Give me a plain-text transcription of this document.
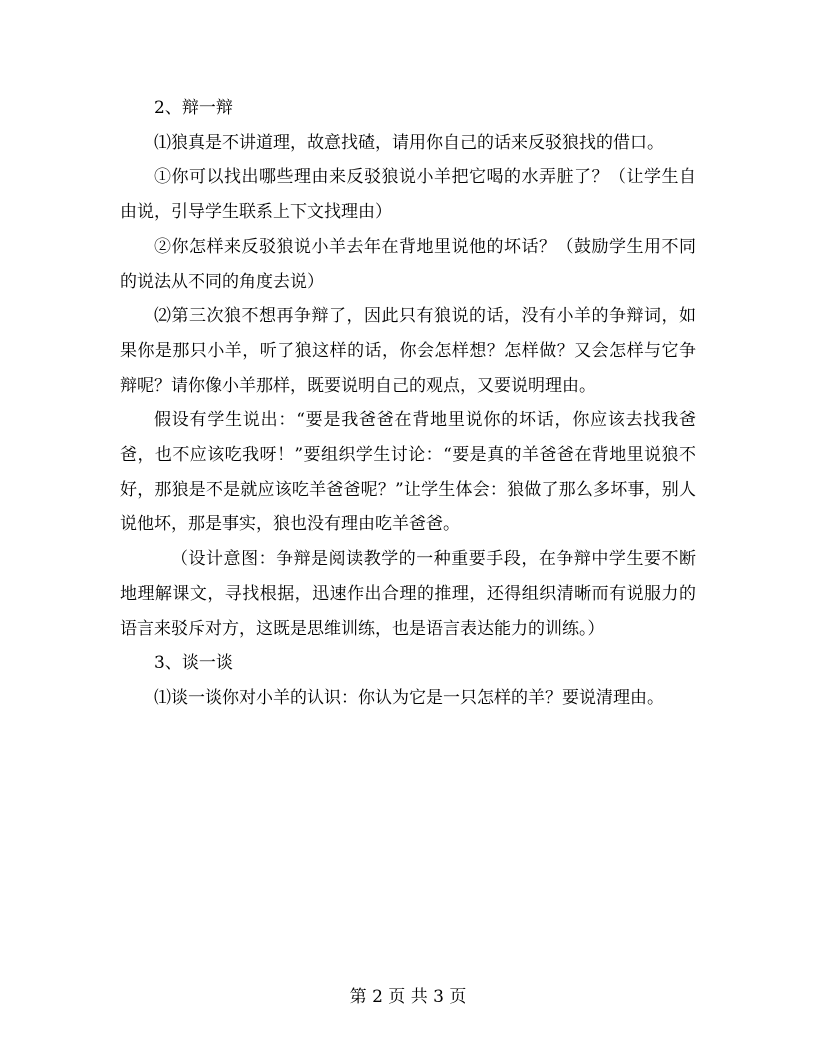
2、辩一辩

⑴狼真是不讲道理，故意找碴，请用你自己的话来反驳狼找的借口。

①你可以找出哪些理由来反驳狼说小羊把它喝的水弄脏了？（让学生自由说，引导学生联系上下文找理由）

②你怎样来反驳狼说小羊去年在背地里说他的坏话？（鼓励学生用不同的说法从不同的角度去说）

⑵第三次狼不想再争辩了，因此只有狼说的话，没有小羊的争辩词，如果你是那只小羊，听了狼这样的话，你会怎样想？怎样做？又会怎样与它争辩呢？请你像小羊那样，既要说明自己的观点，又要说明理由。

假设有学生说出：“要是我爸爸在背地里说你的坏话，你应该去找我爸爸，也不应该吃我呀！”要组织学生讨论：“要是真的羊爸爸在背地里说狼不好，那狼是不是就应该吃羊爸爸呢？”让学生体会：狼做了那么多坏事，别人说他坏，那是事实，狼也没有理由吃羊爸爸。

（设计意图：争辩是阅读教学的一种重要手段，在争辩中学生要不断地理解课文，寻找根据，迅速作出合理的推理，还得组织清晰而有说服力的语言来驳斥对方，这既是思维训练，也是语言表达能力的训练。）

3、谈一谈

⑴谈一谈你对小羊的认识：你认为它是一只怎样的羊？要说清理由。

第 2 页 共 3 页
